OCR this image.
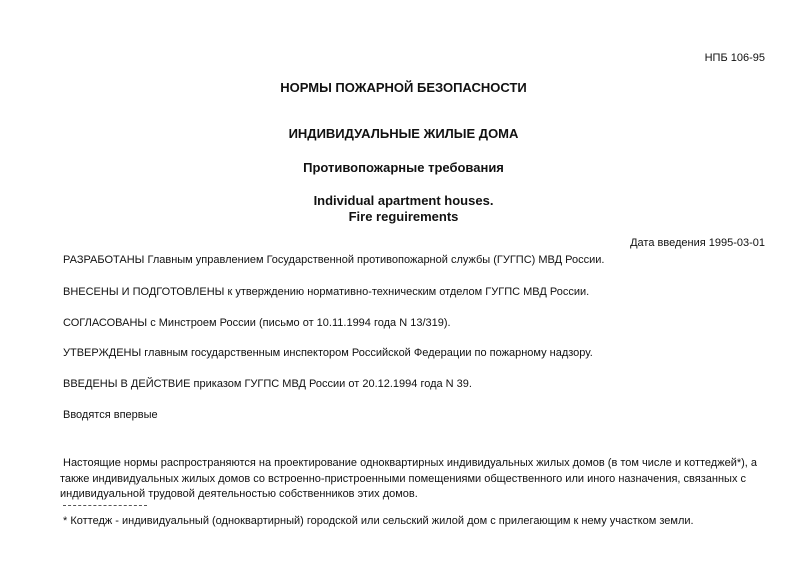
НПБ 106-95
НОРМЫ ПОЖАРНОЙ БЕЗОПАСНОСТИ
ИНДИВИДУАЛЬНЫЕ ЖИЛЫЕ ДОМА
Противопожарные требования
Individual apartment houses.
Fire reguirements
Дата введения 1995-03-01
РАЗРАБОТАНЫ Главным управлением Государственной противопожарной службы (ГУГПС) МВД России.
ВНЕСЕНЫ И ПОДГОТОВЛЕНЫ к утверждению нормативно-техническим отделом ГУГПС МВД России.
СОГЛАСОВАНЫ с Минстроем России (письмо от 10.11.1994 года N 13/319).
УТВЕРЖДЕНЫ главным государственным инспектором Российской Федерации по пожарному надзору.
ВВЕДЕНЫ В ДЕЙСТВИЕ приказом ГУГПС МВД России от 20.12.1994 года N 39.
Вводятся впервые
Настоящие нормы распространяются на проектирование одноквартирных индивидуальных жилых домов (в том числе и коттеджей*), а
также индивидуальных жилых домов со встроенно-пристроенными помещениями общественного или иного назначения, связанных с
индивидуальной трудовой деятельностью собственников этих домов.
* Коттедж - индивидуальный (одноквартирный) городской или сельский жилой дом с прилегающим к нему участком земли.
